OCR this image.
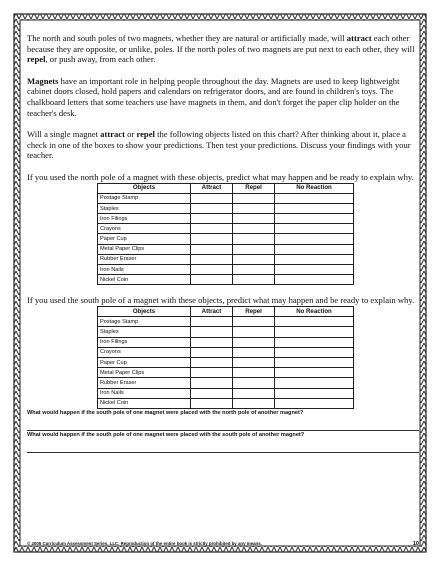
The north and south poles of two magnets, whether they are natural or artificially made, will attract each other because they are opposite, or unlike, poles. If the north poles of two magnets are put next to each other, they will repel, or push away, from each other.

Magnets have an important role in helping people throughout the day. Magnets are used to keep lightweight cabinet doors closed, hold papers and calendars on refrigerator doors, and are found in children's toys. The chalkboard letters that some teachers use have magnets in them, and don't forget the paper clip holder on the teacher's desk.

Will a single magnet attract or repel the following objects listed on this chart? After thinking about it, place a check in one of the boxes to show your predictions. Then test your predictions. Discuss your findings with your teacher.

If you used the north pole of a magnet with these objects, predict what may happen and be ready to explain why.

Objects	Attract	Repel	No Reaction
Postage Stamp			
Staples			
Iron Filings			
Crayons			
Paper Cup			
Metal Paper Clips			
Rubber Eraser			
Iron Nails			
Nickel Coin			

If you used the south pole of a magnet with these objects, predict what may happen and be ready to explain why.

Objects	Attract	Repel	No Reaction
Postage Stamp			
Staples			
Iron Filings			
Crayons			
Paper Cup			
Metal Paper Clips			
Rubber Eraser			
Iron Nails			
Nickel Coin			

What would happen if the south pole of one magnet were placed with the north pole of another magnet?

What would happen if the south pole of one magnet were placed with the south pole of another magnet?

© 2005 Curriculum Assessment Series, LLC. Reproduction of the entire book is strictly prohibited by any means.	10
